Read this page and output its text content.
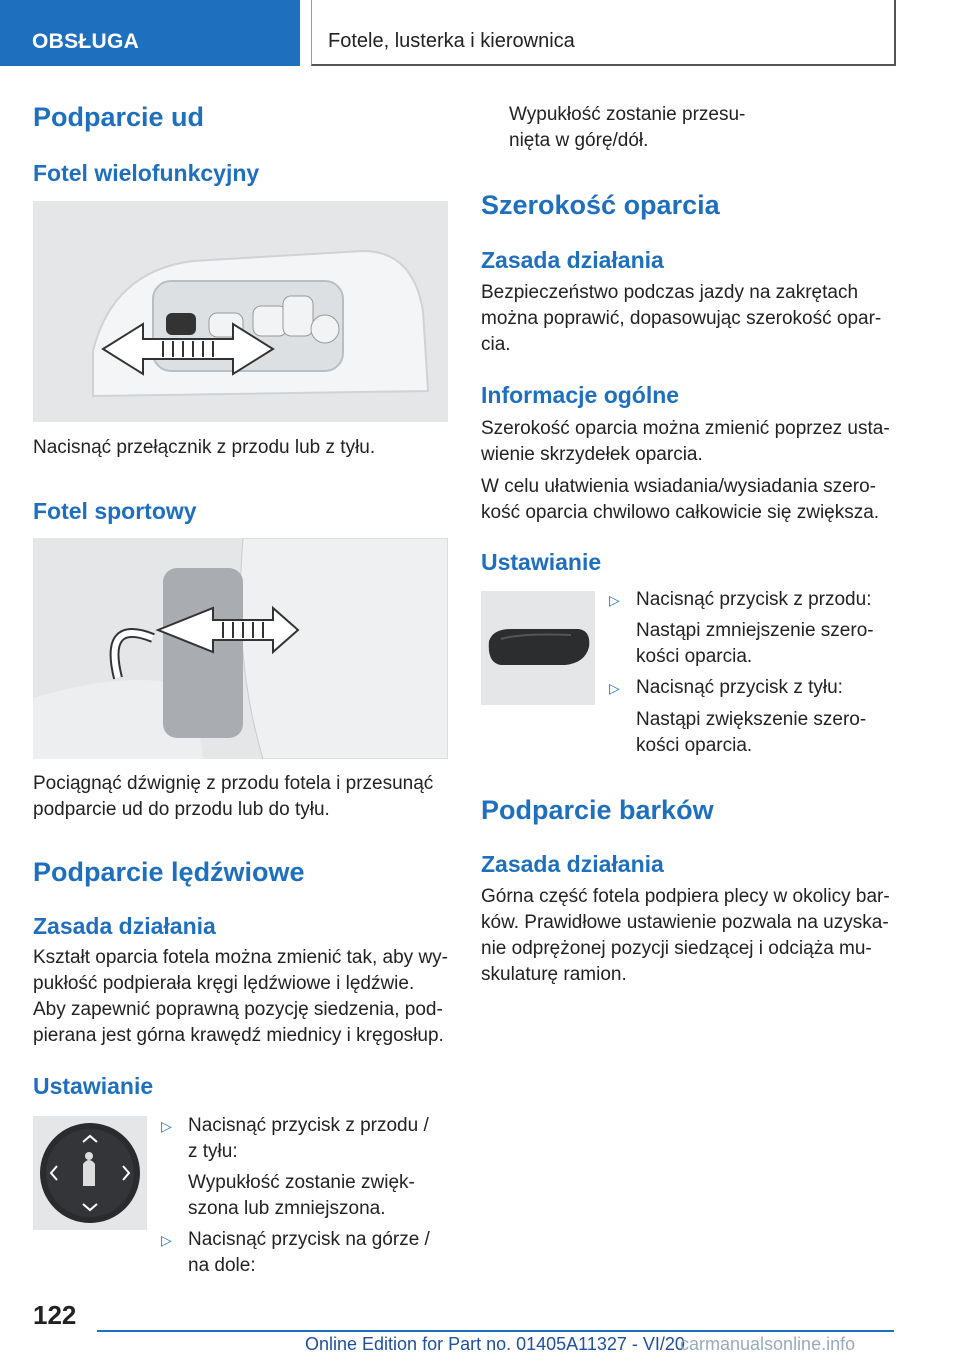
OBSŁUGA	Fotele, lusterka i kierownica
Podparcie ud
Fotel wielofunkcyjny
Nacisnąć przełącznik z przodu lub z tyłu.
Fotel sportowy
Pociągnąć dźwignię z przodu fotela i przesunąć
podparcie ud do przodu lub do tyłu.
Podparcie lędźwiowe
Zasada działania
Kształt oparcia fotela można zmienić tak, aby wy-
pukłość podpierała kręgi lędźwiowe i lędźwie.
Aby zapewnić poprawną pozycję siedzenia, pod-
pierana jest górna krawędź miednicy i kręgosłup.
Ustawianie
▷ Nacisnąć przycisk z przodu /
z tyłu:
Wypukłość zostanie zwięk-
szona lub zmniejszona.
▷ Nacisnąć przycisk na górze /
na dole:
Wypukłość zostanie przesu-
nięta w górę/dół.
Szerokość oparcia
Zasada działania
Bezpieczeństwo podczas jazdy na zakrętach
można poprawić, dopasowując szerokość opar-
cia.
Informacje ogólne
Szerokość oparcia można zmienić poprzez usta-
wienie skrzydełek oparcia.
W celu ułatwienia wsiadania/wysiadania szero-
kość oparcia chwilowo całkowicie się zwiększa.
Ustawianie
▷ Nacisnąć przycisk z przodu:
Nastąpi zmniejszenie szero-
kości oparcia.
▷ Nacisnąć przycisk z tyłu:
Nastąpi zwiększenie szero-
kości oparcia.
Podparcie barków
Zasada działania
Górna część fotela podpiera plecy w okolicy bar-
ków. Prawidłowe ustawienie pozwala na uzyska-
nie odprężonej pozycji siedzącej i odciąża mu-
skulaturę ramion.
122
Online Edition for Part no. 01405A11327 - VI/20
carmanualsonline.info
